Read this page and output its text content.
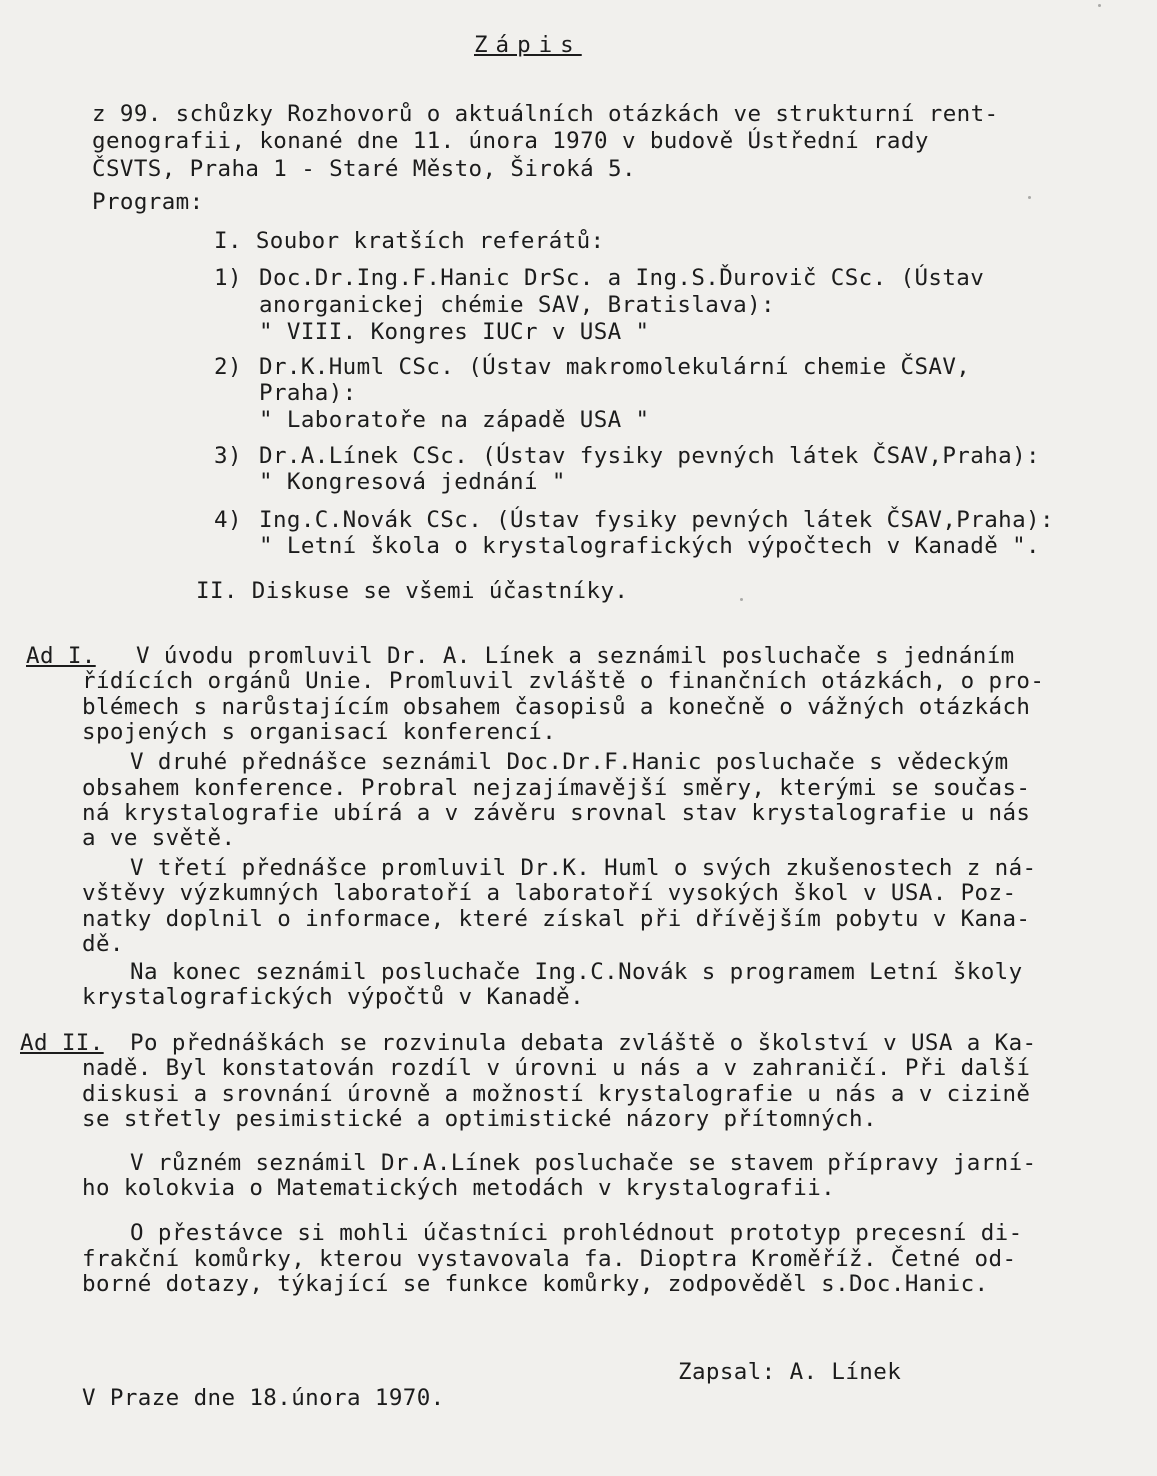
Zápis
z 99. schůzky Rozhovorů o aktuálních otázkách ve strukturní rent-
genografii, konané dne 11. února 1970 v budově Ústřední rady
ČSVTS, Praha 1 - Staré Město, Široká 5.
Program:
I. Soubor kratších referátů:
1) Doc.Dr.Ing.F.Hanic DrSc. a Ing.S.Ďurovič CSc. (Ústav
anorganickej chémie SAV, Bratislava):
" VIII. Kongres IUCr v USA "
2) Dr.K.Huml CSc. (Ústav makromolekulární chemie ČSAV,
Praha):
" Laboratoře na západě USA "
3) Dr.A.Línek CSc. (Ústav fysiky pevných látek ČSAV,Praha):
" Kongresová jednání "
4) Ing.C.Novák CSc. (Ústav fysiky pevných látek ČSAV,Praha):
" Letní škola o krystalografických výpočtech v Kanadě ".
II. Diskuse se všemi účastníky.
Ad I. V úvodu promluvil Dr. A. Línek a seznámil posluchače s jednáním
řídících orgánů Unie. Promluvil zvláště o finančních otázkách, o pro-
blémech s narůstajícím obsahem časopisů a konečně o vážných otázkách
spojených s organisací konferencí.
V druhé přednášce seznámil Doc.Dr.F.Hanic posluchače s vědeckým
obsahem konference. Probral nejzajímavější směry, kterými se součas-
ná krystalografie ubírá a v závěru srovnal stav krystalografie u nás
a ve světě.
V třetí přednášce promluvil Dr.K. Huml o svých zkušenostech z ná-
vštěvy výzkumných laboratoří a laboratoří vysokých škol v USA. Poz-
natky doplnil o informace, které získal při dřívějším pobytu v Kana-
dě.
Na konec seznámil posluchače Ing.C.Novák s programem Letní školy
krystalografických výpočtů v Kanadě.
Ad II. Po přednáškách se rozvinula debata zvláště o školství v USA a Ka-
nadě. Byl konstatován rozdíl v úrovni u nás a v zahraničí. Při další
diskusi a srovnání úrovně a možností krystalografie u nás a v cizině
se střetly pesimistické a optimistické názory přítomných.
V různém seznámil Dr.A.Línek posluchače se stavem přípravy jarní-
ho kolokvia o Matematických metodách v krystalografii.
O přestávce si mohli účastníci prohlédnout prototyp precesní di-
frakční komůrky, kterou vystavovala fa. Dioptra Kroměříž. Četné od-
borné dotazy, týkající se funkce komůrky, zodpověděl s.Doc.Hanic.
Zapsal: A. Línek
V Praze dne 18.února 1970.
